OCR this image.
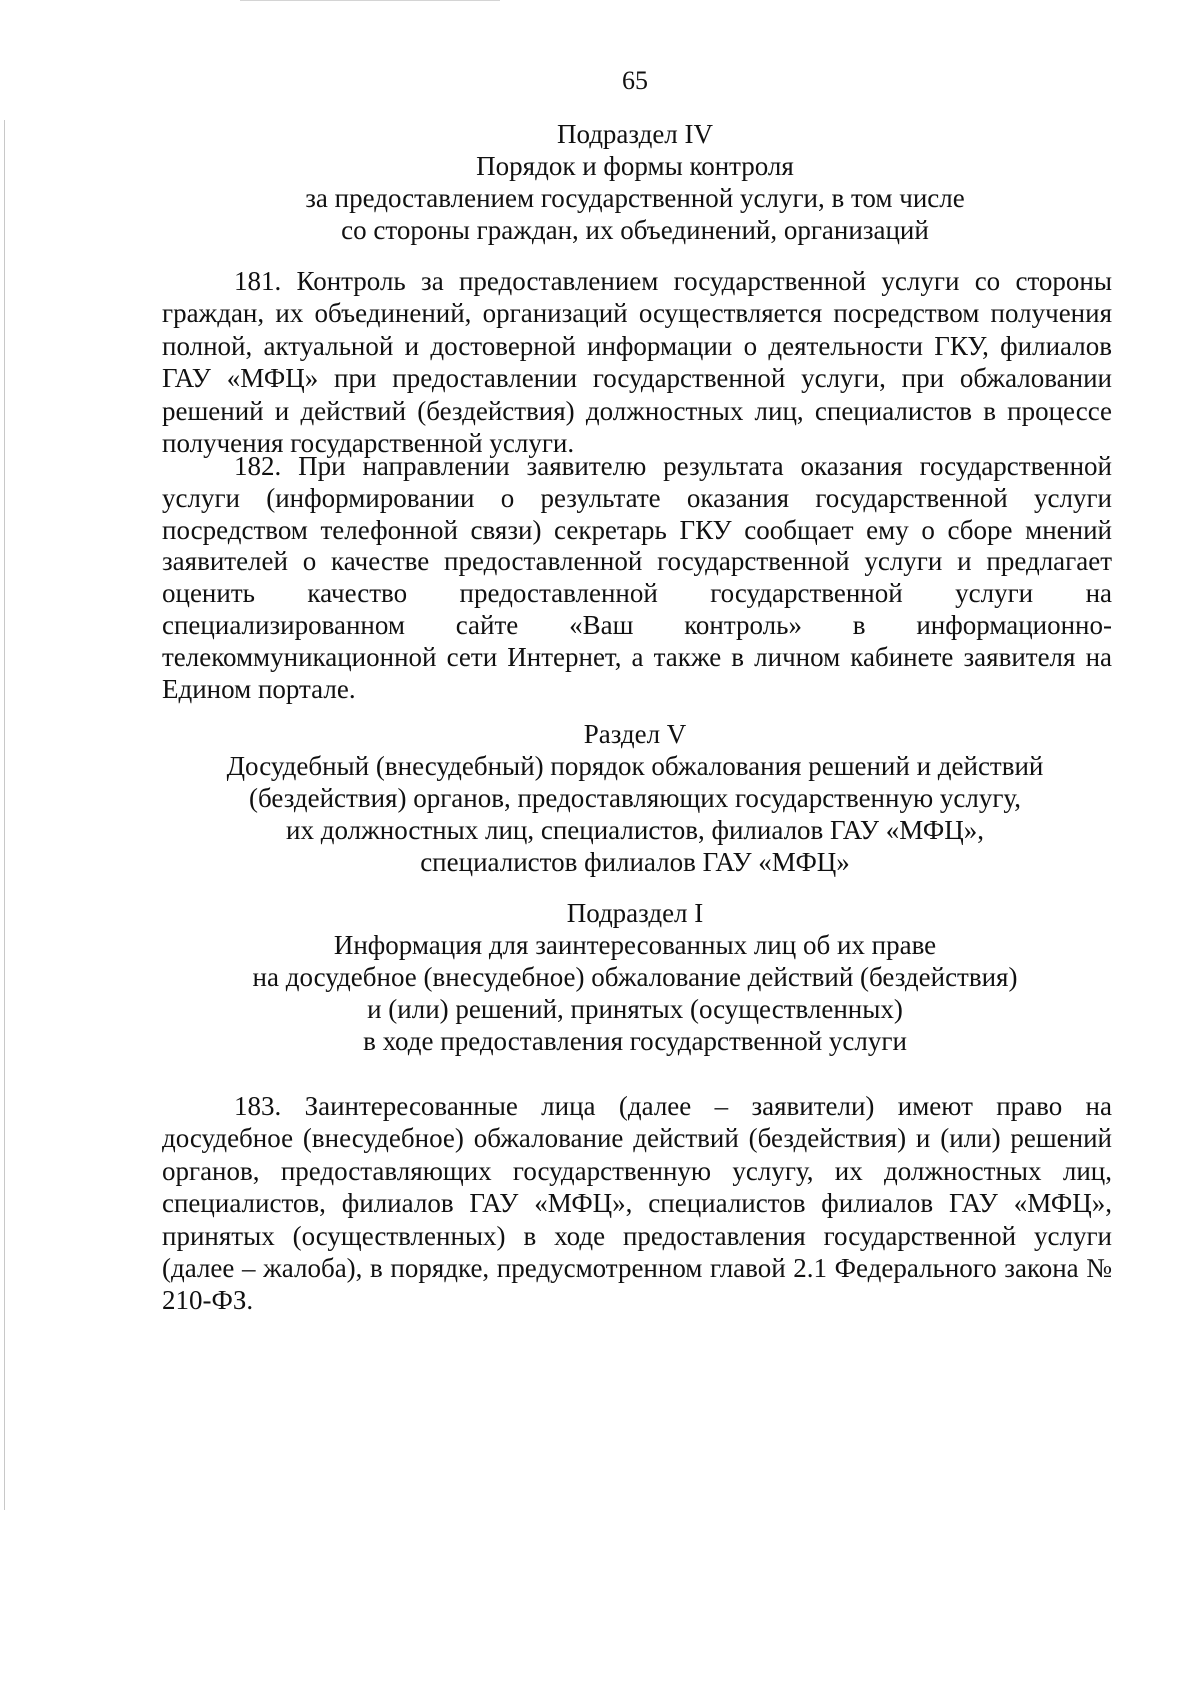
65
Подраздел IV
Порядок и формы контроля
за предоставлением государственной услуги, в том числе
со стороны граждан, их объединений, организаций

181. Контроль за предоставлением государственной услуги со стороны граждан, их объединений, организаций осуществляется посредством получения полной, актуальной и достоверной информации о деятельности ГКУ, филиалов ГАУ «МФЦ» при предоставлении государственной услуги, при обжаловании решений и действий (бездействия) должностных лиц, специалистов в процессе получения государственной услуги.

182. При направлении заявителю результата оказания государственной услуги (информировании о результате оказания государственной услуги посредством телефонной связи) секретарь ГКУ сообщает ему о сборе мнений заявителей о качестве предоставленной государственной услуги и предлагает оценить качество предоставленной государственной услуги на специализированном сайте «Ваш контроль» в информационно-телекоммуникационной сети Интернет, а также в личном кабинете заявителя на Едином портале.

Раздел V
Досудебный (внесудебный) порядок обжалования решений и действий
(бездействия) органов, предоставляющих государственную услугу,
их должностных лиц, специалистов, филиалов ГАУ «МФЦ»,
специалистов филиалов ГАУ «МФЦ»
Подраздел I
Информация для заинтересованных лиц об их праве
на досудебное (внесудебное) обжалование действий (бездействия)
и (или) решений, принятых (осуществленных)
в ходе предоставления государственной услуги

183. Заинтересованные лица (далее – заявители) имеют право на досудебное (внесудебное) обжалование действий (бездействия) и (или) решений органов, предоставляющих государственную услугу, их должностных лиц, специалистов, филиалов ГАУ «МФЦ», специалистов филиалов ГАУ «МФЦ», принятых (осуществленных) в ходе предоставления государственной услуги (далее – жалоба), в порядке, предусмотренном главой 2.1 Федерального закона № 210-ФЗ.
